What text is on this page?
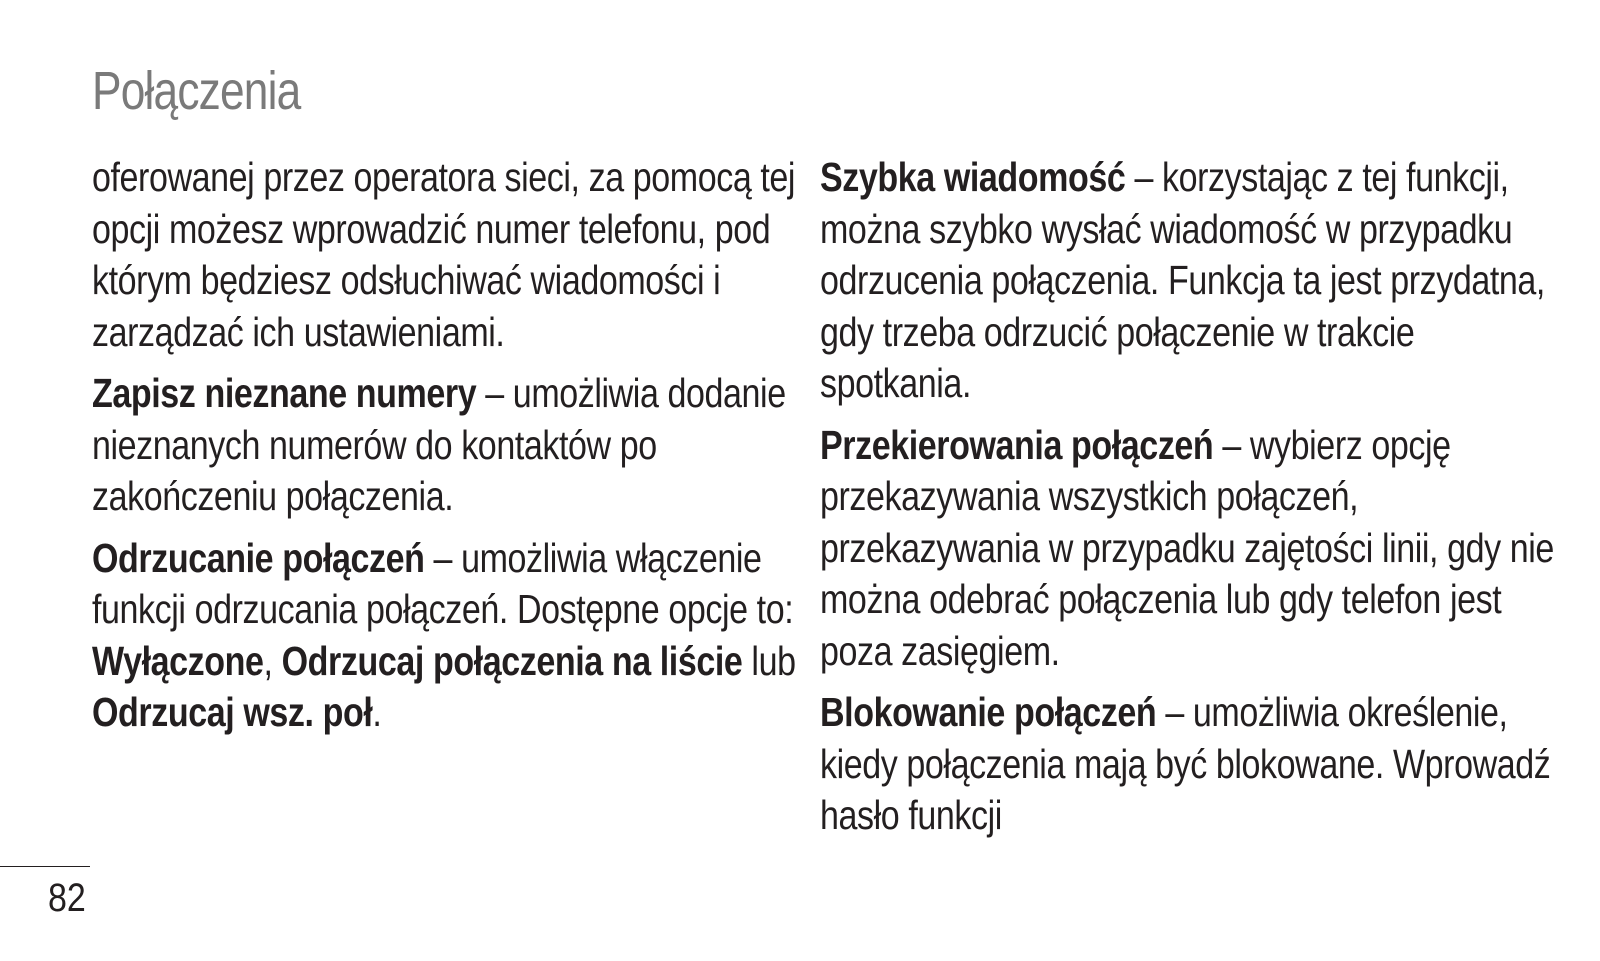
Połączenia

oferowanej przez operatora sieci, za pomocą tej opcji możesz wprowadzić numer telefonu, pod którym będziesz odsłuchiwać wiadomości i zarządzać ich ustawieniami.

Zapisz nieznane numery – umożliwia dodanie nieznanych numerów do kontaktów po zakończeniu połączenia.

Odrzucanie połączeń – umożliwia włączenie funkcji odrzucania połączeń. Dostępne opcje to: Wyłączone, Odrzucaj połączenia na liście lub Odrzucaj wsz. poł.

Szybka wiadomość – korzystając z tej funkcji, można szybko wysłać wiadomość w przypadku odrzucenia połączenia. Funkcja ta jest przydatna, gdy trzeba odrzucić połączenie w trakcie spotkania.

Przekierowania połączeń – wybierz opcję przekazywania wszystkich połączeń, przekazywania w przypadku zajętości linii, gdy nie można odebrać połączenia lub gdy telefon jest poza zasięgiem.

Blokowanie połączeń – umożliwia określenie, kiedy połączenia mają być blokowane. Wprowadź hasło funkcji

82
